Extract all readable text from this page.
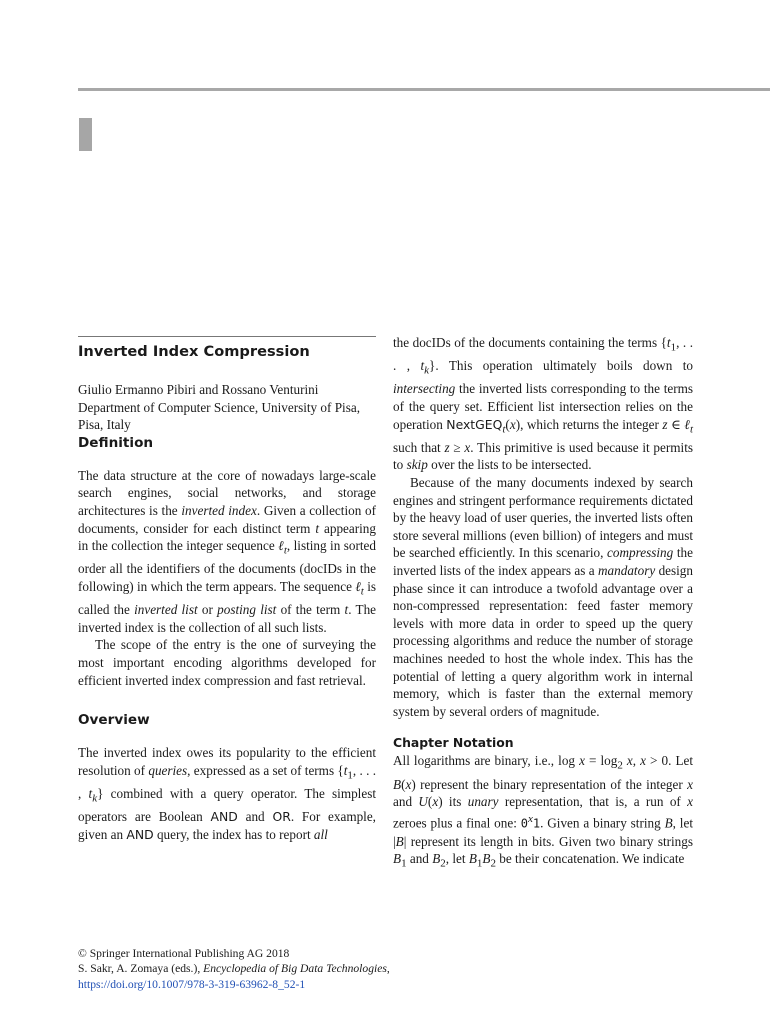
Inverted Index Compression

Giulio Ermanno Pibiri and Rossano Venturini
Department of Computer Science, University of Pisa, Pisa, Italy

Definition

The data structure at the core of nowadays large-scale search engines, social networks, and storage architectures is the inverted index. Given a collection of documents, consider for each distinct term t appearing in the collection the integer sequence ℓ$_t$, listing in sorted order all the identifiers of the documents (docIDs in the following) in which the term appears. The sequence ℓ$_t$ is called the inverted list or posting list of the term t. The inverted index is the collection of all such lists.

The scope of the entry is the one of surveying the most important encoding algorithms developed for efficient inverted index compression and fast retrieval.

Overview

The inverted index owes its popularity to the efficient resolution of queries, expressed as a set of terms {$t_1$, . . . , $t_k$} combined with a query operator. The simplest operators are Boolean AND and OR. For example, given an AND query, the index has to report all

the docIDs of the documents containing the terms {$t_1$, . . . , $t_k$}. This operation ultimately boils down to intersecting the inverted lists corresponding to the terms of the query set. Efficient list intersection relies on the operation NextGEQ$_t$(x), which returns the integer z ∈ ℓ$_t$ such that z ≥ x. This primitive is used because it permits to skip over the lists to be intersected.

Because of the many documents indexed by search engines and stringent performance requirements dictated by the heavy load of user queries, the inverted lists often store several millions (even billion) of integers and must be searched efficiently. In this scenario, compressing the inverted lists of the index appears as a mandatory design phase since it can introduce a twofold advantage over a non-compressed representation: feed faster memory levels with more data in order to speed up the query processing algorithms and reduce the number of storage machines needed to host the whole index. This has the potential of letting a query algorithm work in internal memory, which is faster than the external memory system by several orders of magnitude.

Chapter Notation

All logarithms are binary, i.e., $\log x = \log_2 x$, x > 0. Let B(x) represent the binary representation of the integer x and U(x) its unary representation, that is, a run of x zeroes plus a final one: 0$^x$1. Given a binary string B, let |B| represent its length in bits. Given two binary strings $B_1$ and $B_2$, let $B_1B_2$ be their concatenation. We indicate

© Springer International Publishing AG 2018
S. Sakr, A. Zomaya (eds.), Encyclopedia of Big Data Technologies,
https://doi.org/10.1007/978-3-319-63962-8_52-1
